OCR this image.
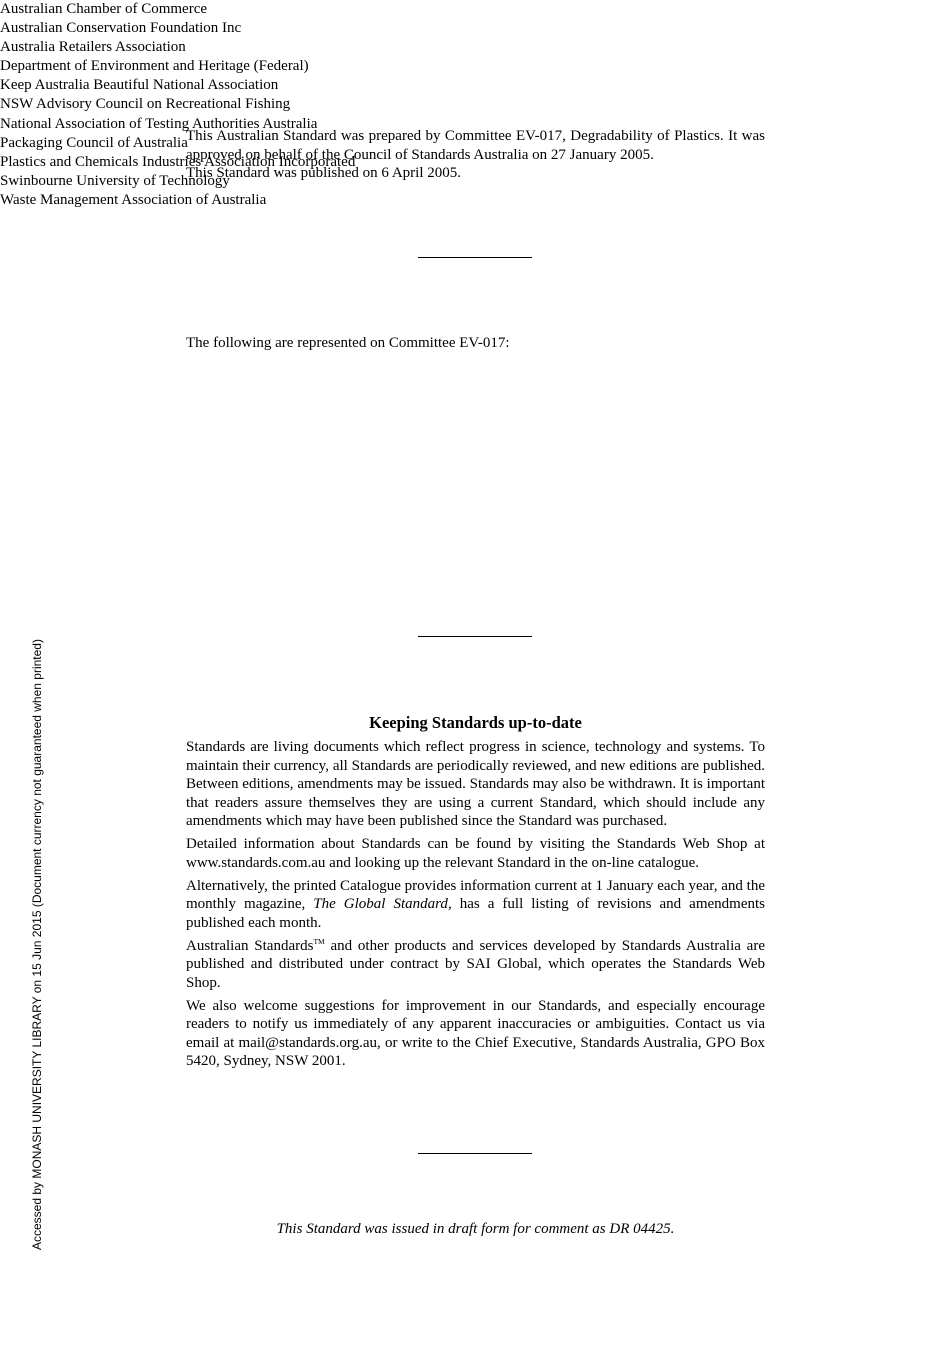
This Australian Standard was prepared by Committee EV-017, Degradability of Plastics. It was approved on behalf of the Council of Standards Australia on 27 January 2005.

This Standard was published on 6 April 2005.

The following are represented on Committee EV-017:

Australian Chamber of Commerce
Australian Conservation Foundation Inc
Australia Retailers Association
Department of Environment and Heritage (Federal)
Keep Australia Beautiful National Association
NSW Advisory Council on Recreational Fishing
National Association of Testing Authorities Australia
Packaging Council of Australia
Plastics and Chemicals Industries Association Incorporated
Swinbourne University of Technology
Waste Management Association of Australia
Keeping Standards up-to-date

Standards are living documents which reflect progress in science, technology and systems. To maintain their currency, all Standards are periodically reviewed, and new editions are published. Between editions, amendments may be issued. Standards may also be withdrawn. It is important that readers assure themselves they are using a current Standard, which should include any amendments which may have been published since the Standard was purchased.

Detailed information about Standards can be found by visiting the Standards Web Shop at www.standards.com.au and looking up the relevant Standard in the on-line catalogue.

Alternatively, the printed Catalogue provides information current at 1 January each year, and the monthly magazine, The Global Standard, has a full listing of revisions and amendments published each month.

Australian Standards™ and other products and services developed by Standards Australia are published and distributed under contract by SAI Global, which operates the Standards Web Shop.

We also welcome suggestions for improvement in our Standards, and especially encourage readers to notify us immediately of any apparent inaccuracies or ambiguities. Contact us via email at mail@standards.org.au, or write to the Chief Executive, Standards Australia, GPO Box 5420, Sydney, NSW 2001.

This Standard was issued in draft form for comment as DR 04425.

Accessed by MONASH UNIVERSITY LIBRARY on 15 Jun 2015 (Document currency not guaranteed when printed)
